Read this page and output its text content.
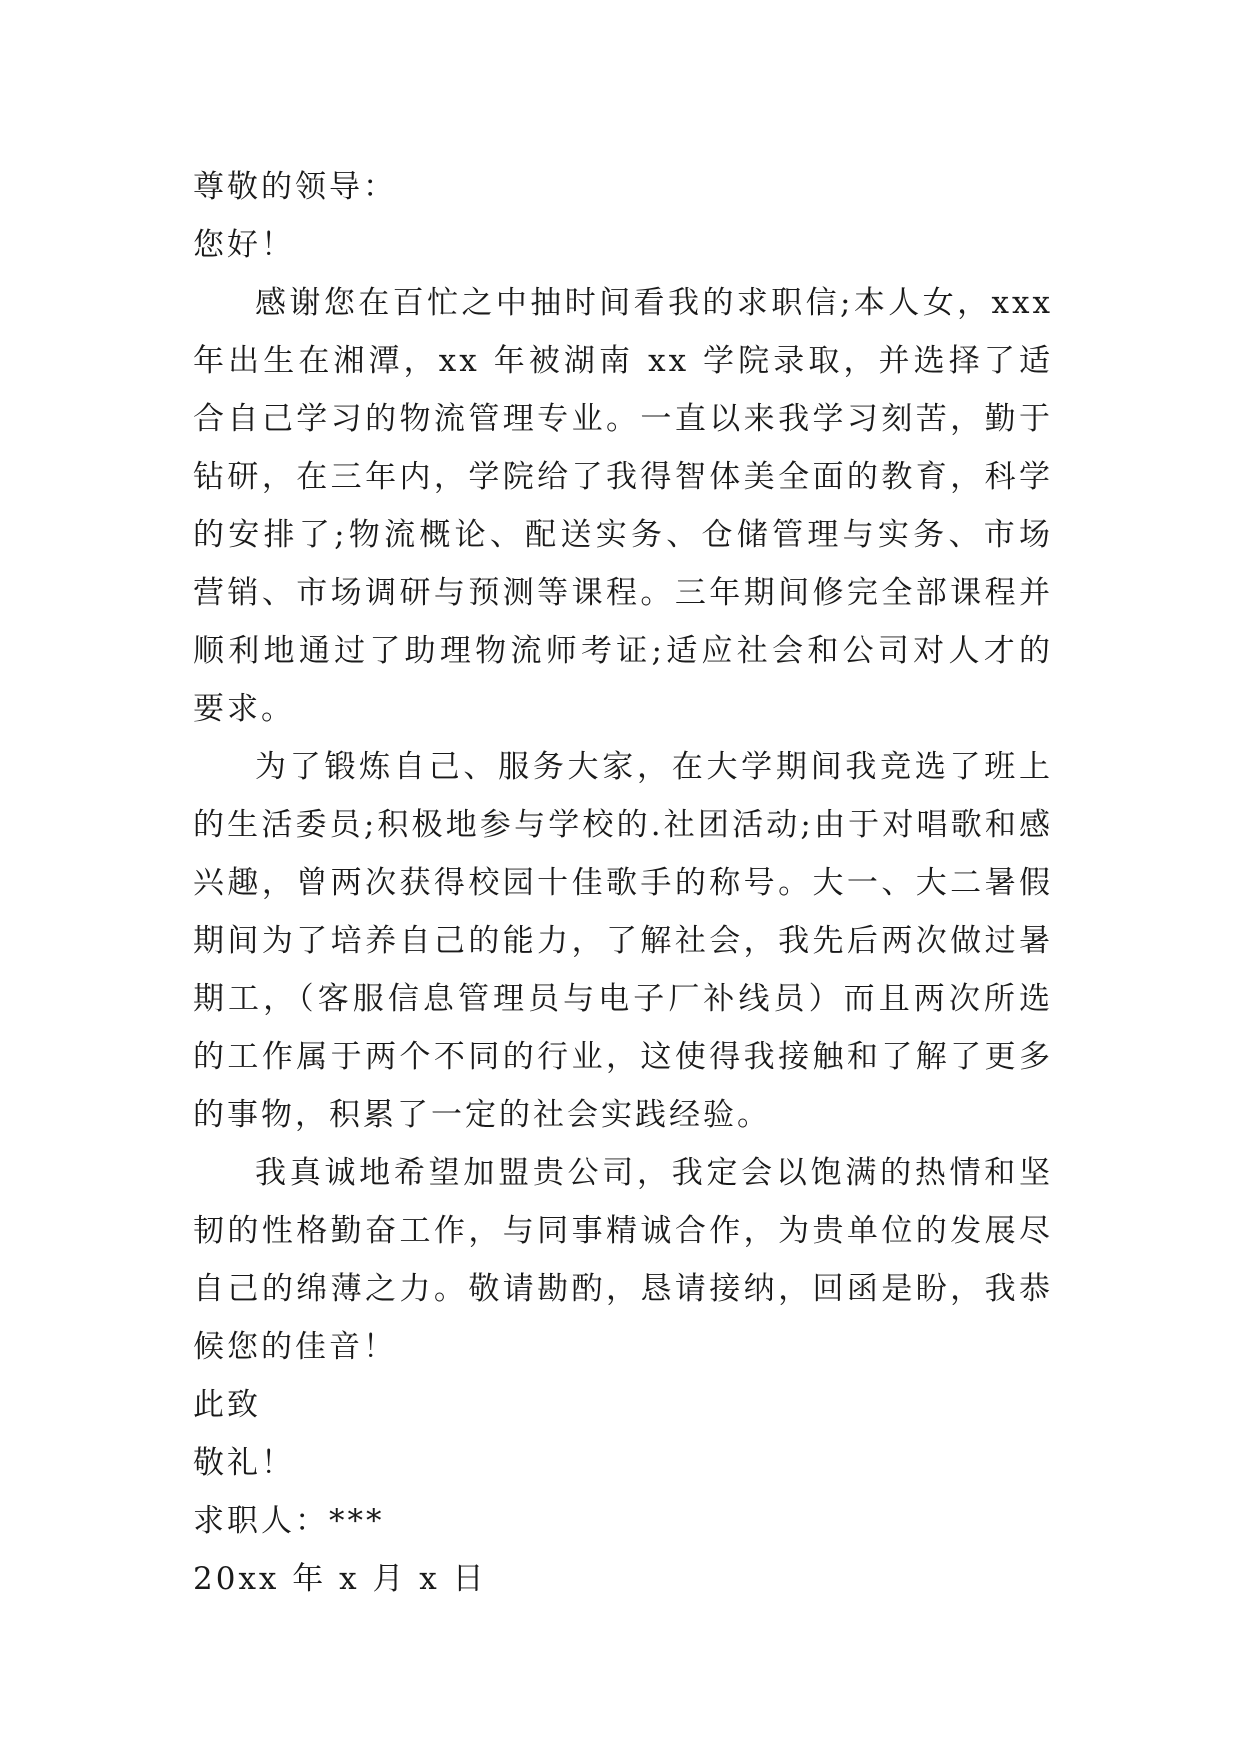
尊敬的领导：

您好！

感谢您在百忙之中抽时间看我的求职信;本人女，xxx 年出生在湘潭，xx 年被湖南 xx 学院录取，并选择了适合自己学习的物流管理专业。一直以来我学习刻苦，勤于钻研，在三年内，学院给了我得智体美全面的教育，科学的安排了;物流概论、配送实务、仓储管理与实务、市场营销、市场调研与预测等课程。三年期间修完全部课程并顺利地通过了助理物流师考证;适应社会和公司对人才的要求。

为了锻炼自己、服务大家，在大学期间我竞选了班上的生活委员;积极地参与学校的.社团活动;由于对唱歌和感兴趣，曾两次获得校园十佳歌手的称号。大一、大二暑假期间为了培养自己的能力，了解社会，我先后两次做过暑期工，（客服信息管理员与电子厂补线员）而且两次所选的工作属于两个不同的行业，这使得我接触和了解了更多的事物，积累了一定的社会实践经验。

我真诚地希望加盟贵公司，我定会以饱满的热情和坚韧的性格勤奋工作，与同事精诚合作，为贵单位的发展尽自己的绵薄之力。敬请勘酌，恳请接纳，回函是盼，我恭候您的佳音！

此致

敬礼！

求职人：***

20xx 年 x 月 x 日
